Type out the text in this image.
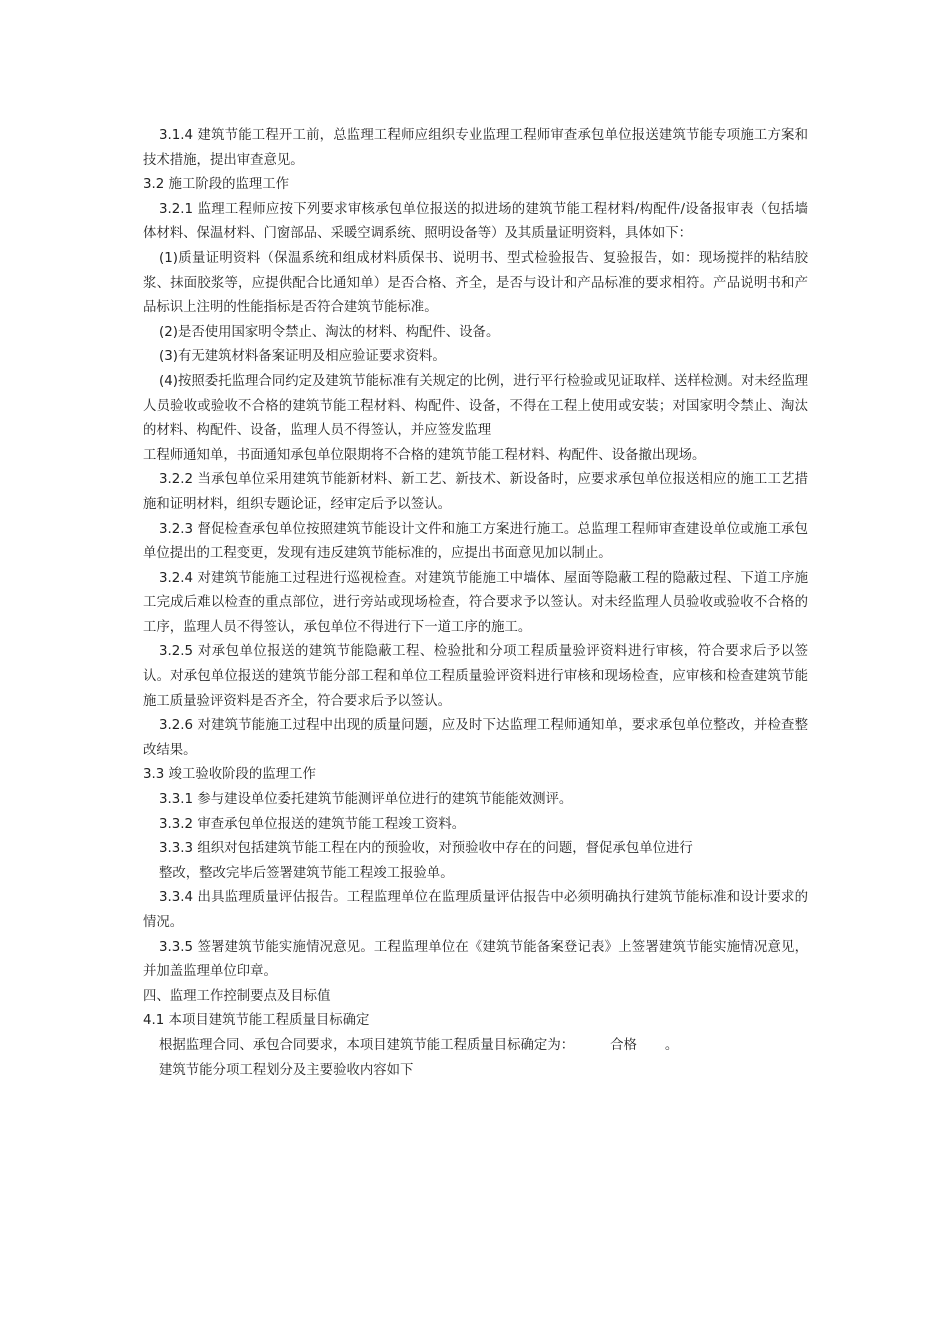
3.1.4 建筑节能工程开工前，总监理工程师应组织专业监理工程师审查承包单位报送建筑节能专项施工方案和技术措施，提出审查意见。

3.2 施工阶段的监理工作

3.2.1 监理工程师应按下列要求审核承包单位报送的拟进场的建筑节能工程材料/构配件/设备报审表（包括墙体材料、保温材料、门窗部品、采暖空调系统、照明设备等）及其质量证明资料，具体如下：

(1)质量证明资料（保温系统和组成材料质保书、说明书、型式检验报告、复验报告，如：现场搅拌的粘结胶浆、抹面胶浆等，应提供配合比通知单）是否合格、齐全，是否与设计和产品标准的要求相符。产品说明书和产品标识上注明的性能指标是否符合建筑节能标准。

(2)是否使用国家明令禁止、淘汰的材料、构配件、设备。

(3)有无建筑材料备案证明及相应验证要求资料。

(4)按照委托监理合同约定及建筑节能标准有关规定的比例，进行平行检验或见证取样、送样检测。对未经监理人员验收或验收不合格的建筑节能工程材料、构配件、设备，不得在工程上使用或安装；对国家明令禁止、淘汰的材料、构配件、设备，监理人员不得签认，并应签发监理

工程师通知单，书面通知承包单位限期将不合格的建筑节能工程材料、构配件、设备撤出现场。

3.2.2 当承包单位采用建筑节能新材料、新工艺、新技术、新设备时，应要求承包单位报送相应的施工工艺措施和证明材料，组织专题论证，经审定后予以签认。

3.2.3 督促检查承包单位按照建筑节能设计文件和施工方案进行施工。总监理工程师审查建设单位或施工承包单位提出的工程变更，发现有违反建筑节能标准的，应提出书面意见加以制止。

3.2.4 对建筑节能施工过程进行巡视检查。对建筑节能施工中墙体、屋面等隐蔽工程的隐蔽过程、下道工序施工完成后难以检查的重点部位，进行旁站或现场检查，符合要求予以签认。对未经监理人员验收或验收不合格的工序，监理人员不得签认，承包单位不得进行下一道工序的施工。

3.2.5 对承包单位报送的建筑节能隐蔽工程、检验批和分项工程质量验评资料进行审核，符合要求后予以签认。对承包单位报送的建筑节能分部工程和单位工程质量验评资料进行审核和现场检查，应审核和检查建筑节能施工质量验评资料是否齐全，符合要求后予以签认。

3.2.6 对建筑节能施工过程中出现的质量问题，应及时下达监理工程师通知单，要求承包单位整改，并检查整改结果。

3.3 竣工验收阶段的监理工作

3.3.1 参与建设单位委托建筑节能测评单位进行的建筑节能能效测评。

3.3.2 审查承包单位报送的建筑节能工程竣工资料。

3.3.3 组织对包括建筑节能工程在内的预验收，对预验收中存在的问题，督促承包单位进行

整改，整改完毕后签署建筑节能工程竣工报验单。

3.3.4 出具监理质量评估报告。工程监理单位在监理质量评估报告中必须明确执行建筑节能标准和设计要求的情况。

3.3.5 签署建筑节能实施情况意见。工程监理单位在《建筑节能备案登记表》上签署建筑节能实施情况意见，并加盖监理单位印章。

四、监理工作控制要点及目标值

4.1 本项目建筑节能工程质量目标确定

根据监理合同、承包合同要求，本项目建筑节能工程质量目标确定为：	合格 。

建筑节能分项工程划分及主要验收内容如下
